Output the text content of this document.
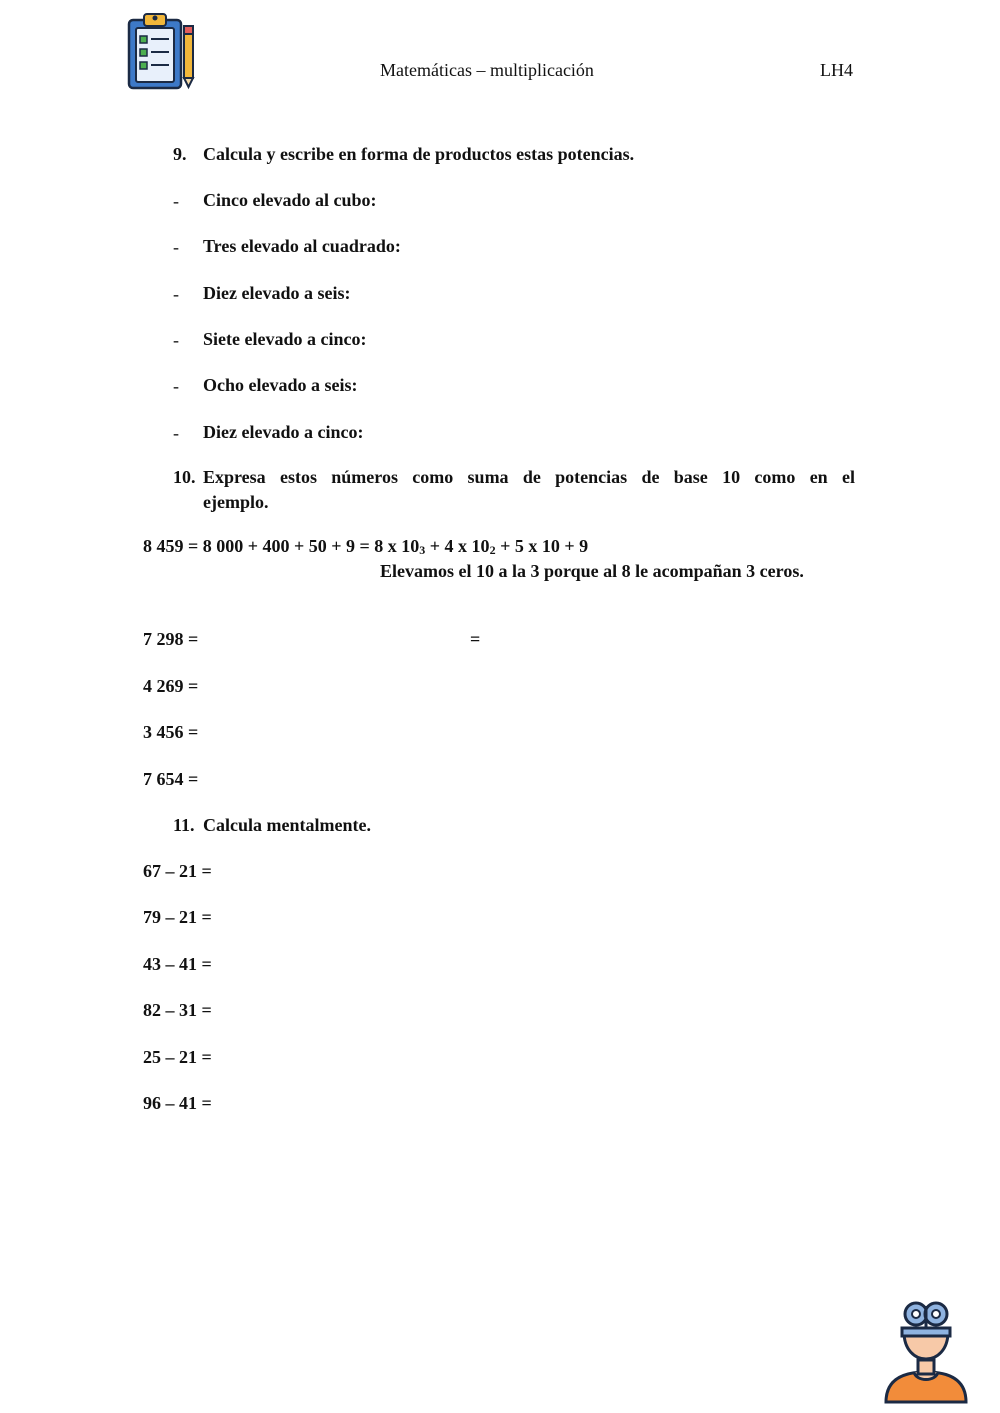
Matemáticas – multiplicación	LH4
9. Calcula y escribe en forma de productos estas potencias.
- Cinco elevado al cubo:
- Tres elevado al cuadrado:
- Diez elevado a seis:
- Siete elevado a cinco:
- Ocho elevado a seis:
- Diez elevado a cinco:
10. Expresa estos números como suma de potencias de base 10 como en el
ejemplo.
8 459 = 8 000 + 400 + 50 + 9 = 8 x 103 + 4 x 102 + 5 x 10 + 9
Elevamos el 10 a la 3 porque al 8 le acompañan 3 ceros.
7 298 =	=
4 269 =
3 456 =
7 654 =
11. Calcula mentalmente.
67 – 21 =
79 – 21 =
43 – 41 =
82 – 31 =
25 – 21 =
96 – 41 =
